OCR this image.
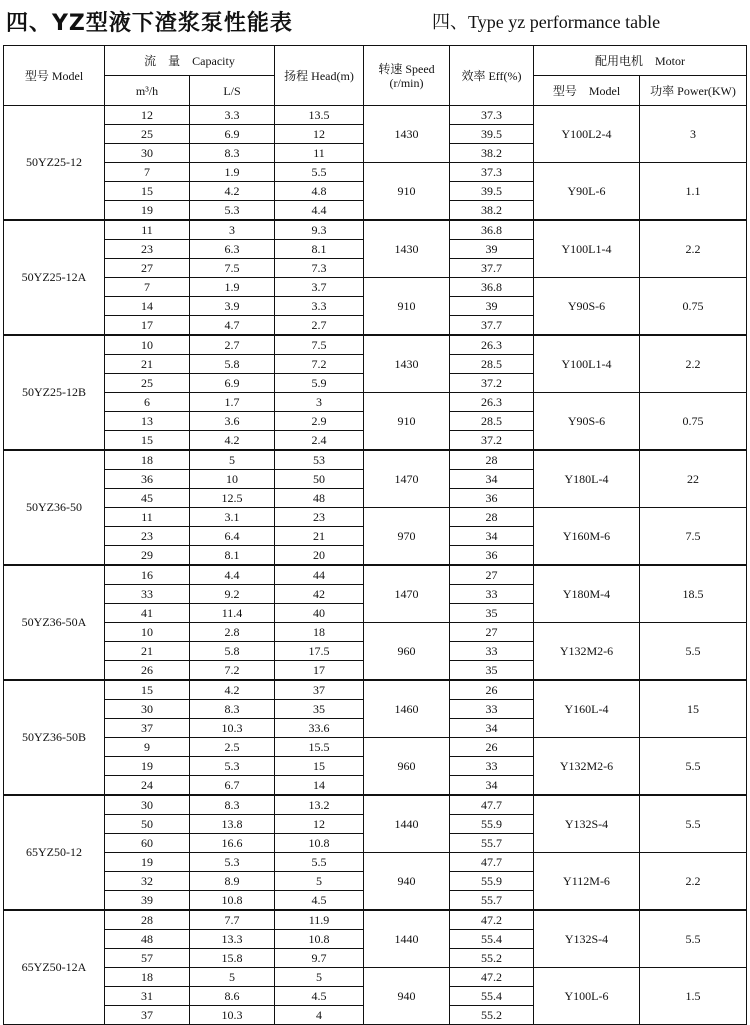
四、YZ型液下渣浆泵性能表	四、Type yz performance table
型号 Model	流　量　Capacity		扬程 Head(m)	转速 Speed (r/min)	效率 Eff(%)	配用电机　Motor	
	m³/h	L/S				型号　Model	功率 Power(KW)
50YZ25-12	12	3.3	13.5	1430	37.3	Y100L2-4	3
	25	6.9	12		39.5		
	30	8.3	11		38.2		
	7	1.9	5.5	910	37.3	Y90L-6	1.1
	15	4.2	4.8		39.5		
	19	5.3	4.4		38.2		
50YZ25-12A	11	3	9.3	1430	36.8	Y100L1-4	2.2
	23	6.3	8.1		39		
	27	7.5	7.3		37.7		
	7	1.9	3.7	910	36.8	Y90S-6	0.75
	14	3.9	3.3		39		
	17	4.7	2.7		37.7		
50YZ25-12B	10	2.7	7.5	1430	26.3	Y100L1-4	2.2
	21	5.8	7.2		28.5		
	25	6.9	5.9		37.2		
	6	1.7	3	910	26.3	Y90S-6	0.75
	13	3.6	2.9		28.5		
	15	4.2	2.4		37.2		
50YZ36-50	18	5	53	1470	28	Y180L-4	22
	36	10	50		34		
	45	12.5	48		36		
	11	3.1	23	970	28	Y160M-6	7.5
	23	6.4	21		34		
	29	8.1	20		36		
50YZ36-50A	16	4.4	44	1470	27	Y180M-4	18.5
	33	9.2	42		33		
	41	11.4	40		35		
	10	2.8	18	960	27	Y132M2-6	5.5
	21	5.8	17.5		33		
	26	7.2	17		35		
50YZ36-50B	15	4.2	37	1460	26	Y160L-4	15
	30	8.3	35		33		
	37	10.3	33.6		34		
	9	2.5	15.5	960	26	Y132M2-6	5.5
	19	5.3	15		33		
	24	6.7	14		34		
65YZ50-12	30	8.3	13.2	1440	47.7	Y132S-4	5.5
	50	13.8	12		55.9		
	60	16.6	10.8		55.7		
	19	5.3	5.5	940	47.7	Y112M-6	2.2
	32	8.9	5		55.9		
	39	10.8	4.5		55.7		
65YZ50-12A	28	7.7	11.9	1440	47.2	Y132S-4	5.5
	48	13.3	10.8		55.4		
	57	15.8	9.7		55.2		
	18	5	5	940	47.2	Y100L-6	1.5
	31	8.6	4.5		55.4		
	37	10.3	4		55.2		
